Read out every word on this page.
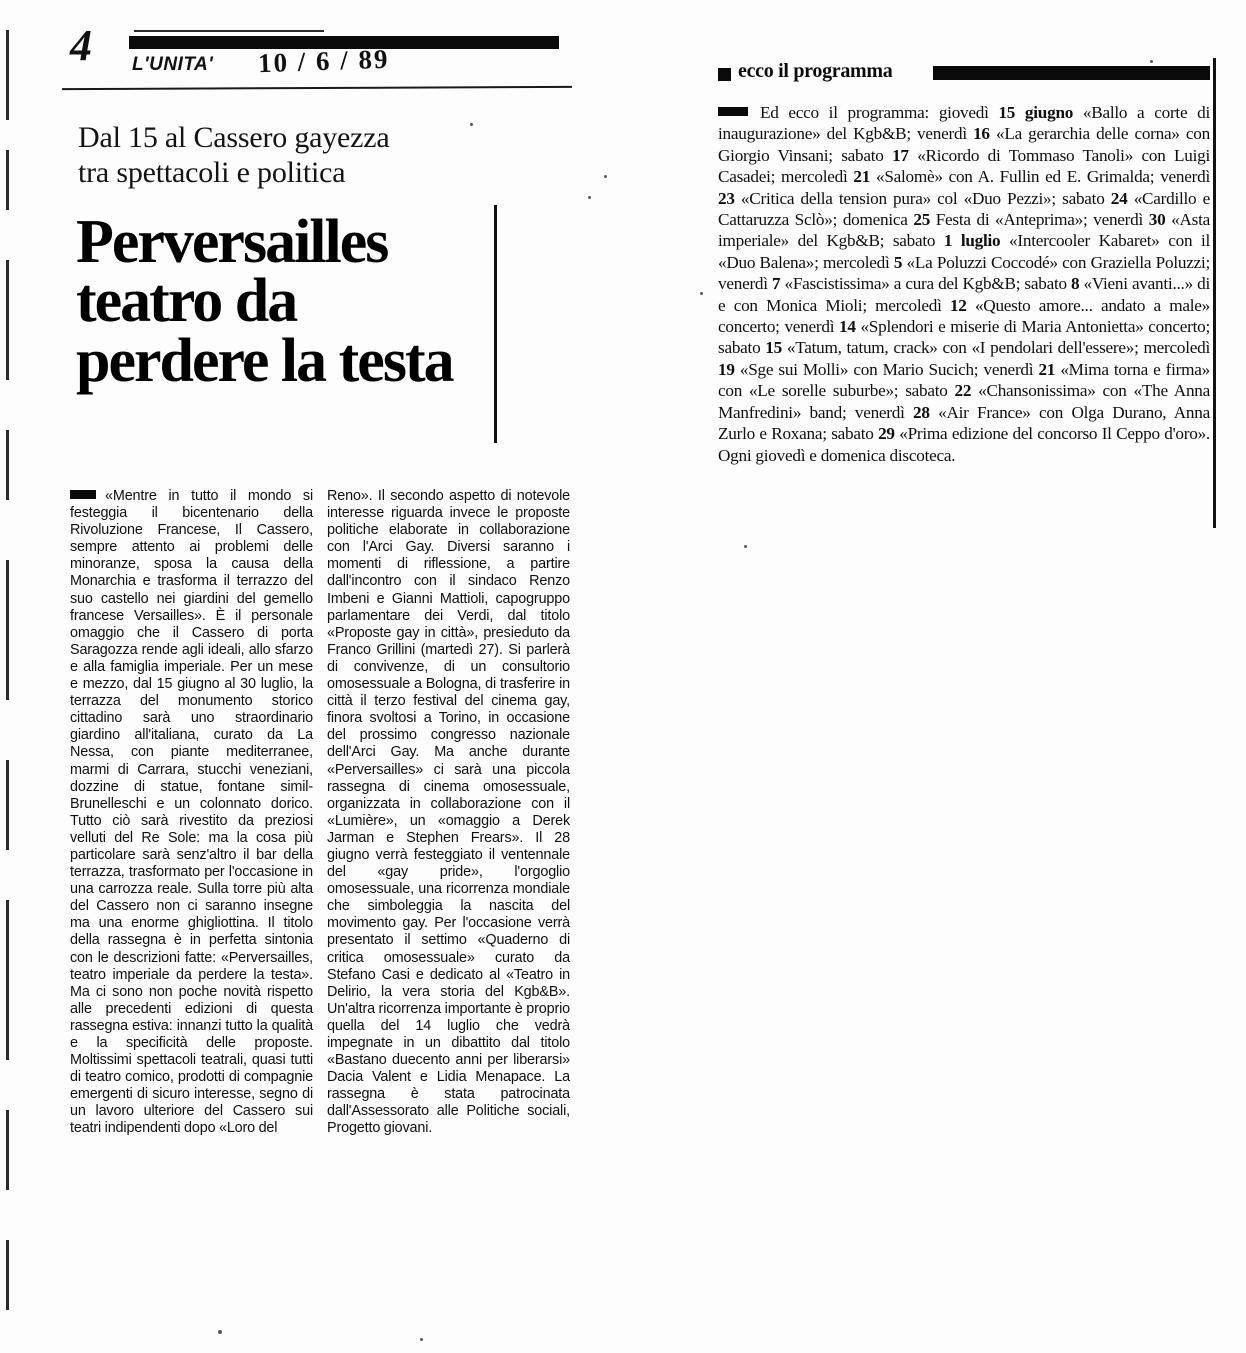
4 L'UNITA' 10 / 6 / 89
Dal 15 al Cassero gayezza
tra spettacoli e politica
Perversailles
teatro da
perdere la testa

«Mentre in tutto il mondo si festeggia il bicentenario della Rivoluzione Francese, Il Cassero, sempre attento ai problemi delle minoranze, sposa la causa della Monarchia e trasforma il terrazzo del suo castello nei giardini del gemello francese Versailles». È il personale omaggio che il Cassero di porta Saragozza rende agli ideali, allo sfarzo e alla famiglia imperiale. Per un mese e mezzo, dal 15 giugno al 30 luglio, la terrazza del monumento storico cittadino sarà uno straordinario giardino all'italiana, curato da La Nessa, con piante mediterranee, marmi di Carrara, stucchi veneziani, dozzine di statue, fontane simil-Brunelleschi e un colonnato dorico. Tutto ciò sarà rivestito da preziosi velluti del Re Sole: ma la cosa più particolare sarà senz'altro il bar della terrazza, trasformato per l'occasione in una carrozza reale. Sulla torre più alta del Cassero non ci saranno insegne ma una enorme ghigliottina. Il titolo della rassegna è in perfetta sintonia con le descrizioni fatte: «Perversailles, teatro imperiale da perdere la testa». Ma ci sono non poche novità rispetto alle precedenti edizioni di questa rassegna estiva: innanzi tutto la qualità e la specificità delle proposte. Moltissimi spettacoli teatrali, quasi tutti di teatro comico, prodotti di compagnie emergenti di sicuro interesse, segno di un lavoro ulteriore del Cassero sui teatri indipendenti dopo «Loro del

Reno». Il secondo aspetto di notevole interesse riguarda invece le proposte politiche elaborate in collaborazione con l'Arci Gay. Diversi saranno i momenti di riflessione, a partire dall'incontro con il sindaco Renzo Imbeni e Gianni Mattioli, capogruppo parlamentare dei Verdi, dal titolo «Proposte gay in città», presieduto da Franco Grillini (martedì 27). Si parlerà di convivenze, di un consultorio omosessuale a Bologna, di trasferire in città il terzo festival del cinema gay, finora svoltosi a Torino, in occasione del prossimo congresso nazionale dell'Arci Gay. Ma anche durante «Perversailles» ci sarà una piccola rassegna di cinema omosessuale, organizzata in collaborazione con il «Lumière», un «omaggio a Derek Jarman e Stephen Frears». Il 28 giugno verrà festeggiato il ventennale del «gay pride», l'orgoglio omosessuale, una ricorrenza mondiale che simboleggia la nascita del movimento gay. Per l'occasione verrà presentato il settimo «Quaderno di critica omosessuale» curato da Stefano Casi e dedicato al «Teatro in Delirio, la vera storia del Kgb&B». Un'altra ricorrenza importante è proprio quella del 14 luglio che vedrà impegnate in un dibattito dal titolo «Bastano duecento anni per liberarsi» Dacia Valent e Lidia Menapace. La rassegna è stata patrocinata dall'Assessorato alle Politiche sociali, Progetto giovani.

ecco il programma

Ed ecco il programma: giovedì 15 giugno «Ballo a corte di inaugurazione» del Kgb&B; venerdì 16 «La gerarchia delle corna» con Giorgio Vinsani; sabato 17 «Ricordo di Tommaso Tanoli» con Luigi Casadei; mercoledì 21 «Salomè» con A. Fullin ed E. Grimalda; venerdì 23 «Critica della tension pura» col «Duo Pezzi»; sabato 24 «Cardillo e Cattaruzza Sclò»; domenica 25 Festa di «Anteprima»; venerdì 30 «Asta imperiale» del Kgb&B; sabato 1 luglio «Intercooler Kabaret» con il «Duo Balena»; mercoledì 5 «La Poluzzi Coccodé» con Graziella Poluzzi; venerdì 7 «Fascistissima» a cura del Kgb&B; sabato 8 «Vieni avanti...» di e con Monica Mioli; mercoledì 12 «Questo amore... andato a male» concerto; venerdì 14 «Splendori e miserie di Maria Antonietta» concerto; sabato 15 «Tatum, tatum, crack» con «I pendolari dell'essere»; mercoledì 19 «Sge sui Molli» con Mario Sucich; venerdì 21 «Mima torna e firma» con «Le sorelle suburbe»; sabato 22 «Chansonissima» con «The Anna Manfredini» band; venerdì 28 «Air France» con Olga Durano, Anna Zurlo e Roxana; sabato 29 «Prima edizione del concorso Il Ceppo d'oro». Ogni giovedì e domenica discoteca.
